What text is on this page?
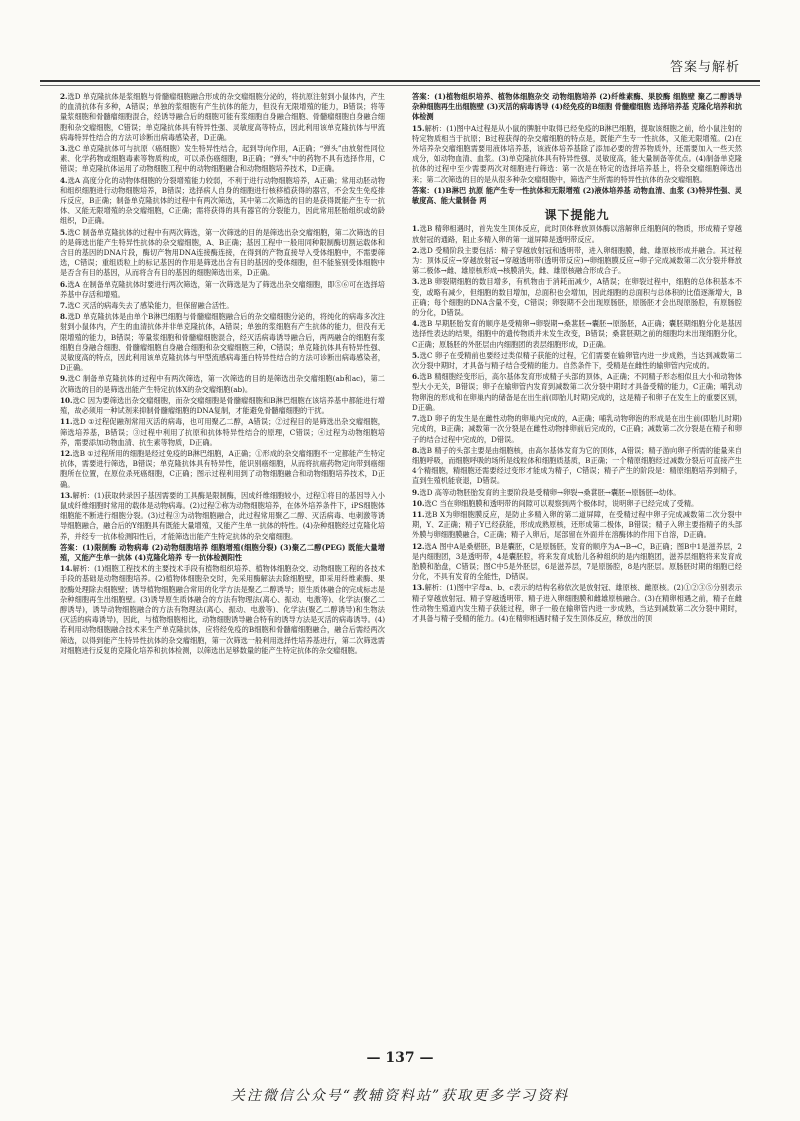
答案与解析
2.选D 单克隆抗体是浆细胞与骨髓瘤细胞融合形成的杂交瘤细胞分泌的，将抗原注射到小鼠体内，产生的血清抗体有多种，A错误；单独的浆细胞有产生抗体的能力，但没有无限增殖的能力，B错误；将等量浆细胞和骨髓瘤细胞混合，经诱导融合后的细胞可能有浆细胞自身融合细胞、骨髓瘤细胞自身融合细胞和杂交瘤细胞，C错误；单克隆抗体具有特异性强、灵敏度高等特点，因此利用该单克隆抗体与甲流病毒特异性结合的方法可诊断出病毒感染者，D正确。
3.选C 单克隆抗体可与抗原（癌细胞）发生特异性结合，起到导向作用，A正确；“弹头”由放射性同位素、化学药物或细胞毒素等物质构成，可以杀伤癌细胞，B正确；“弹头”中的药物不具有选择作用，C错误；单克隆抗体运用了动物细胞工程中的动物细胞融合和动物细胞培养技术，D正确。
4.选A 高度分化的动物体细胞的分裂增殖能力较弱，不利于进行动物细胞培养，A正确；常用动胚动物和组织细胞进行动物细胞培养，B错误；选择病人自身的细胞进行核移植获得的器官，不会发生免疫排斥反应，B正确；制备单克隆抗体的过程中有两次筛选，其中第二次筛选的目的是获得既能产生专一抗体、又能无限增殖的杂交瘤细胞，C正确；需将获得的具有器官的分裂能力，因此常用胚胎组织或幼龄组织，D正确。
5.选C 制备单克隆抗体的过程中有两次筛选，第一次筛选的目的是筛选出杂交瘤细胞，第二次筛选的目的是筛选出能产生特异性抗体的杂交瘤细胞，A、B正确；基因工程中一般用同种限制酶切割运载体和含目的基因的DNA片段，酶切产物用DNA连接酶连接，在得到的产物直接导入受体细胞中，不需要筛选，C错误；重组质粒上的标记基因的作用是筛选出含有目的基因的受体细胞，但不能鉴别受体细胞中是否含有目的基因，从而将含有目的基因的细胞筛选出来，D正确。
6.选A 在制备单克隆抗体时要进行两次筛选，第一次筛选是为了筛选出杂交瘤细胞，即⑤⑥可在选择培养基中存活和增殖。
7.选C 灭活的病毒失去了感染能力，但保留融合活性。
8.选D 单克隆抗体是由单个B淋巴细胞与骨髓瘤细胞融合后的杂交瘤细胞分泌的，将纯化的病毒多次注射到小鼠体内，产生的血清抗体并非单克隆抗体，A错误；单独的浆细胞有产生抗体的能力，但没有无限增殖的能力，B错误；等量浆细胞和骨髓瘤细胞混合，经灭活病毒诱导融合后，两两融合的细胞有浆细胞自身融合细胞、骨髓瘤细胞自身融合细胞和杂交瘤细胞三种，C错误；单克隆抗体具有特异性强、灵敏度高的特点，因此利用该单克隆抗体与甲型流感病毒蛋白特异性结合的方法可诊断出病毒感染者，D正确。
9.选C 制备单克隆抗体的过程中有两次筛选，第一次筛选的目的是筛选出杂交瘤细胞(ab和ac)，第二次筛选的目的是筛选出能产生特定抗体X的杂交瘤细胞(ab)。
10.选C 因为要筛选出杂交瘤细胞，而杂交瘤细胞是骨髓瘤细胞和B淋巴细胞在该培养基中都能进行增殖，故必须用一种试剂来抑制骨髓瘤细胞的DNA复制，才能避免骨髓瘤细胞的干扰。
11.选D ①过程促融剂常用灭活的病毒，也可用聚乙二醇，A错误；②过程目的是筛选出杂交瘤细胞，筛选培养基，B错误；③过程中利用了抗原和抗体特异性结合的原理，C错误；④过程为动物细胞培养，需要添加动物血清、抗生素等物质，D正确。
12.选B ①过程所用的细胞是经过免疫的B淋巴细胞，A正确；①形成的杂交瘤细胞不一定都能产生特定抗体，需要进行筛选，B错误；单克隆抗体具有特异性，能识别癌细胞，从而将抗癌药物定向带到癌细胞所在位置，在原位杀死癌细胞，C正确；图示过程利用到了动物细胞融合和动物细胞培养技术，D正确。
13.解析：(1)获取转录因子基因需要的工具酶是限制酶，因成纤维细胞较小，过程①将目的基因导入小鼠成纤维细胞时常用的载体是动物病毒。(2)过程②称为动物细胞培养，在体外培养条件下，iPS细胞体细胞能不断进行细胞分裂。(3)过程③为动物细胞融合，此过程常用聚乙二醇、灭活病毒、电刺激等诱导细胞融合，融合后的Y细胞具有既能大量增殖，又能产生单一抗体的特性。(4)杂种细胞经过克隆化培养，并经专一抗体检测阳性后，才能筛选出能产生特定抗体的杂交瘤细胞。
答案：(1)限制酶 动物病毒 (2)动物细胞培养 细胞增殖(细胞分裂) (3)聚乙二醇(PEG) 既能大量增殖，又能产生单一抗体 (4)克隆化培养 专一抗体检测阳性
14.解析：(1)细胞工程技术的主要技术手段有植物组织培养、植物体细胞杂交、动物细胞工程的各技术手段的基础是动物细胞培养。(2)植物体细胞杂交时，先采用酶解法去除细胞壁，即采用纤维素酶、果胶酶处理除去细胞壁；诱导植物细胞融合常用的化学方法是聚乙二醇诱导；原生质体融合的完成标志是杂种细胞再生出细胞壁。(3)诱导原生质体融合的方法有物理法(离心、振动、电激等)、化学法(聚乙二醇诱导)，诱导动物细胞融合的方法有物理法(离心、振动、电激等)、化学法(聚乙二醇诱导)和生物法(灭活的病毒诱导)，因此，与植物细胞相比，动物细胞诱导融合特有的诱导方法是灭活的病毒诱导。(4)若利用动物细胞融合技术来生产单克隆抗体，应将经免疫的B细胞和骨髓瘤细胞融合，融合后需经两次筛选，以得到能产生特异性抗体的杂交瘤细胞，第一次筛选一般利用选择性培养基进行，第二次筛选需对细胞进行反复的克隆化培养和抗体检测，以筛选出足够数量的能产生特定抗体的杂交瘤细胞。
答案：(1)植物组织培养、植物体细胞杂交 动物细胞培养 (2)纤维素酶、果胶酶 细胞壁 聚乙二醇诱导 杂种细胞再生出细胞壁 (3)灭活的病毒诱导 (4)经免疫的B细胞 骨髓瘤细胞 选择培养基 克隆化培养和抗体检测
15.解析：(1)图中A过程是从小鼠的脾脏中取得已经免疫的B淋巴细胞，提取该细胞之前，给小鼠注射的特定物质相当于抗原；B过程获得的杂交瘤细胞的特点是，既能产生专一性抗体，又能无限增殖。(2)在外培养杂交瘤细胞需要用液体培养基，该液体培养基除了添加必要的营养物质外，还需要加入一些天然成分，如动物血清、血浆。(3)单克隆抗体具有特异性强、灵敏度高，能大量制备等优点。(4)制备单克隆抗体的过程中至少需要两次对细胞进行筛选：第一次是在特定的选择培养基上，将杂交瘤细胞筛选出来；第二次筛选的目的是从很多种杂交瘤细胞中，筛选产生所需的特异性抗体的杂交瘤细胞。
答案：(1)B淋巴 抗原 能产生专一性抗体和无限增殖 (2)液体培养基 动物血清、血浆 (3)特异性强、灵敏度高、能大量制备 两
课下提能九
1.选B 精卵相遇时，首先发生顶体反应，此时顶体释放顶体酶以溶解卵丘细胞间的物质，形成精子穿越放射冠的通路，阻止多精入卵的第一道屏障是透明带反应。
2.选D 受精阶段主要包括：精子穿越放射冠和透明带，进入卵细胞膜，雌、雄原核形成并融合。其过程为：顶体反应→穿越放射冠→穿越透明带(透明带反应)→卵细胞膜反应→卵子完成减数第二次分裂并释放第二极体→雌、雄原核形成→核膜消失，雌、雄原核融合形成合子。
3.选B 卵裂期细胞的数目增多，有机物由于消耗而减少，A错误；在卵裂过程中，细胞的总体积基本不变，或略有减少，但细胞的数目增加，总面积也会增加，因此细胞的总面积与总体积的比值逐渐增大，B正确；每个细胞的DNA含量不变，C错误；卵裂期不会出现原肠胚，原肠胚才会出现原肠腔，有原肠腔的分化，D错误。
4.选B 早期胚胎发育的顺序是受精卵→卵裂期→桑葚胚→囊胚→原肠胚，A正确；囊胚期细胞分化是基因选择性表达的结果，细胞中的遗传物质并未发生改变，B错误；桑葚胚期之前的细胞均未出现细胞分化，C正确；原肠胚的外胚层由内细胞团的表层细胞形成，D正确。
5.选C 卵子在受精前也要经过类似精子获能的过程，它们需要在输卵管内进一步成熟，当达到减数第二次分裂中期时，才具备与精子结合受精的能力。自然条件下，受精是在雌性的输卵管内完成的。
6.选B 精细胞经变形后，高尔基体发育形成精子头部的顶体，A正确；不同精子形态相似且大小和动物体型大小无关，B错误；卵子在输卵管内发育到减数第二次分裂中期时才具备受精的能力，C正确；哺乳动物卵泡的形成和在卵巢内的储备是在出生前(即胎儿时期)完成的，这是精子和卵子在发生上的重要区别，D正确。
7.选D 卵子的发生是在雌性动物的卵巢内完成的，A正确；哺乳动物卵泡的形成是在出生前(即胎儿时期)完成的，B正确；减数第一次分裂是在雌性动物排卵前后完成的，C正确；减数第二次分裂是在精子和卵子的结合过程中完成的，D错误。
8.选B 精子的头部主要是由细胞核，由高尔基体发育为它的顶体，A错误；精子游向卵子所需的能量来自细胞呼吸，而细胞呼吸的场所是线粒体和细胞质基质，B正确；一个精原细胞经过减数分裂后可直接产生4个精细胞，精细胞还需要经过变形才能成为精子，C错误；精子产生的阶段是：精原细胞培养到精子，直到生殖机能衰退，D错误。
9.选D 高等动物胚胎发育的主要阶段是受精卵→卵裂→桑葚胚→囊胚→原肠胚→幼体。
10.选C 当在卵细胞膜和透明带的间隙可以观察到两个极体时，说明卵子已经完成了受精。
11.选B X为卵细胞膜反应，是防止多精入卵的第二道屏障，在受精过程中卵子完成减数第二次分裂中期，Y、Z正确；精子Y已经获能，形成成熟原核，还形成第二极体，B错误；精子入卵主要指精子的头部外膜与卵细胞膜融合，C正确；精子入卵后，尾部留在外面并在溶酶体的作用下自溶，D正确。
12.选A 图中A是桑椹胚，B是囊胚，C是原肠胚，发育的顺序为A→B→C，B正确；图B中1是滋养层，2是内细胞团，3是透明带，4是囊胚腔，将来发育成胎儿各种组织的是内细胞团，滋养层细胞将来发育成胎膜和胎盘，C错误；图C中5是外胚层，6是滋养层，7是原肠腔，8是内胚层。原肠胚时期的细胞已经分化，不具有发育的全能性，D错误。
13.解析：(1)图中字母a、b、c表示的结构名称依次是放射冠、雄原核、雌原核。(2)①②③⑤分别表示精子穿越放射冠、精子穿越透明带、精子进入卵细胞膜和雌雄原核融合。(3)在精卵相遇之前，精子在雌性动物生殖道内发生精子获能过程，卵子一般在输卵管内进一步成熟，当达到减数第二次分裂中期时，才具备与精子受精的能力。(4)在精卵相遇时精子发生顶体反应，释放出的顶
— 137 —
关注微信公众号“教辅资料站”获取更多学习资料
